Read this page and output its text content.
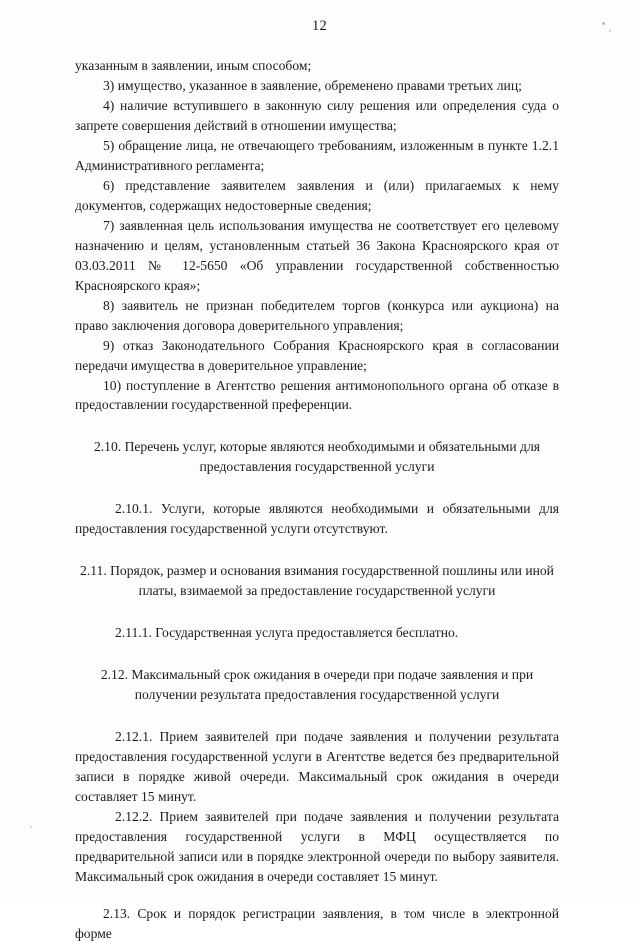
12

указанным в заявлении, иным способом;

3) имущество, указанное в заявление, обременено правами третьих лиц;

4) наличие вступившего в законную силу решения или определения суда о запрете совершения действий в отношении имущества;

5) обращение лица, не отвечающего требованиям, изложенным в пункте 1.2.1 Административного регламента;

6) представление заявителем заявления и (или) прилагаемых к нему документов, содержащих недостоверные сведения;

7) заявленная цель использования имущества не соответствует его целевому назначению и целям, установленным статьей 36 Закона Красноярского края от 03.03.2011 № 12-5650 «Об управлении государственной собственностью Красноярского края»;

8) заявитель не признан победителем торгов (конкурса или аукциона) на право заключения договора доверительного управления;

9) отказ Законодательного Собрания Красноярского края в согласовании передачи имущества в доверительное управление;

10) поступление в Агентство решения антимонопольного органа об отказе в предоставлении государственной преференции.

2.10. Перечень услуг, которые являются необходимыми и обязательными для предоставления государственной услуги

2.10.1. Услуги, которые являются необходимыми и обязательными для предоставления государственной услуги отсутствуют.

2.11. Порядок, размер и основания взимания государственной пошлины или иной платы, взимаемой за предоставление государственной услуги

2.11.1. Государственная услуга предоставляется бесплатно.

2.12. Максимальный срок ожидания в очереди при подаче заявления и при получении результата предоставления государственной услуги

2.12.1. Прием заявителей при подаче заявления и получении результата предоставления государственной услуги в Агентстве ведется без предварительной записи в порядке живой очереди. Максимальный срок ожидания в очереди составляет 15 минут.

2.12.2. Прием заявителей при подаче заявления и получении результата предоставления государственной услуги в МФЦ осуществляется по предварительной записи или в порядке электронной очереди по выбору заявителя. Максимальный срок ожидания в очереди составляет 15 минут.

2.13. Срок и порядок регистрации заявления, в том числе в электронной форме
